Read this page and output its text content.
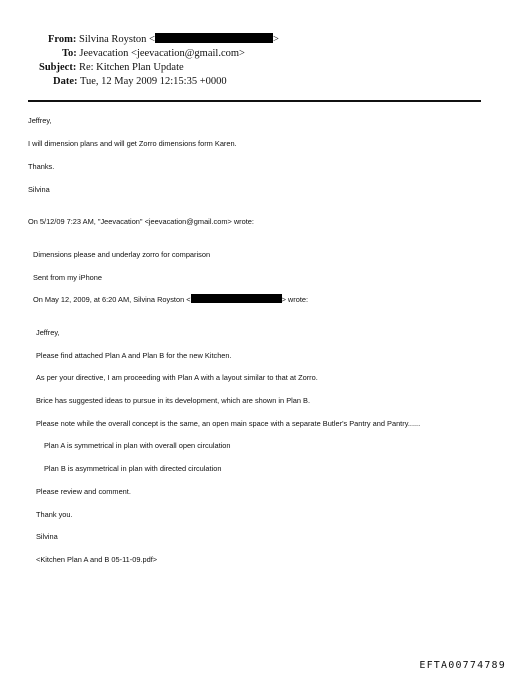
From: Silvina Royston <	>
To: Jeevacation <jeevacation@gmail.com>
Subject: Re: Kitchen Plan Update
Date: Tue, 12 May 2009 12:15:35 +0000
Jeffrey,
I will dimension plans and will get Zorro dimensions form Karen.
Thanks.
Silvina
On 5/12/09 7:23 AM, "Jeevacation" <jeevacation@gmail.com> wrote:
Dimensions please and underlay zorro for comparison
Sent from my iPhone
On May 12, 2009, at 6:20 AM, Silvina Royston <	> wrote:
Jeffrey,
Please find attached Plan A and Plan B for the new Kitchen.
As per your directive, I am proceeding with Plan A with a layout similar to that at Zorro.
Brice has suggested ideas to pursue in its development, which are shown in Plan B.
Please note while the overall concept is the same, an open main space with a separate Butler's Pantry and Pantry......
Plan A is symmetrical in plan with overall open circulation
Plan B is asymmetrical in plan with directed circulation
Please review and comment.
Thank you.
Silvina
<Kitchen Plan A and B 05-11-09.pdf>
EFTA00774789
